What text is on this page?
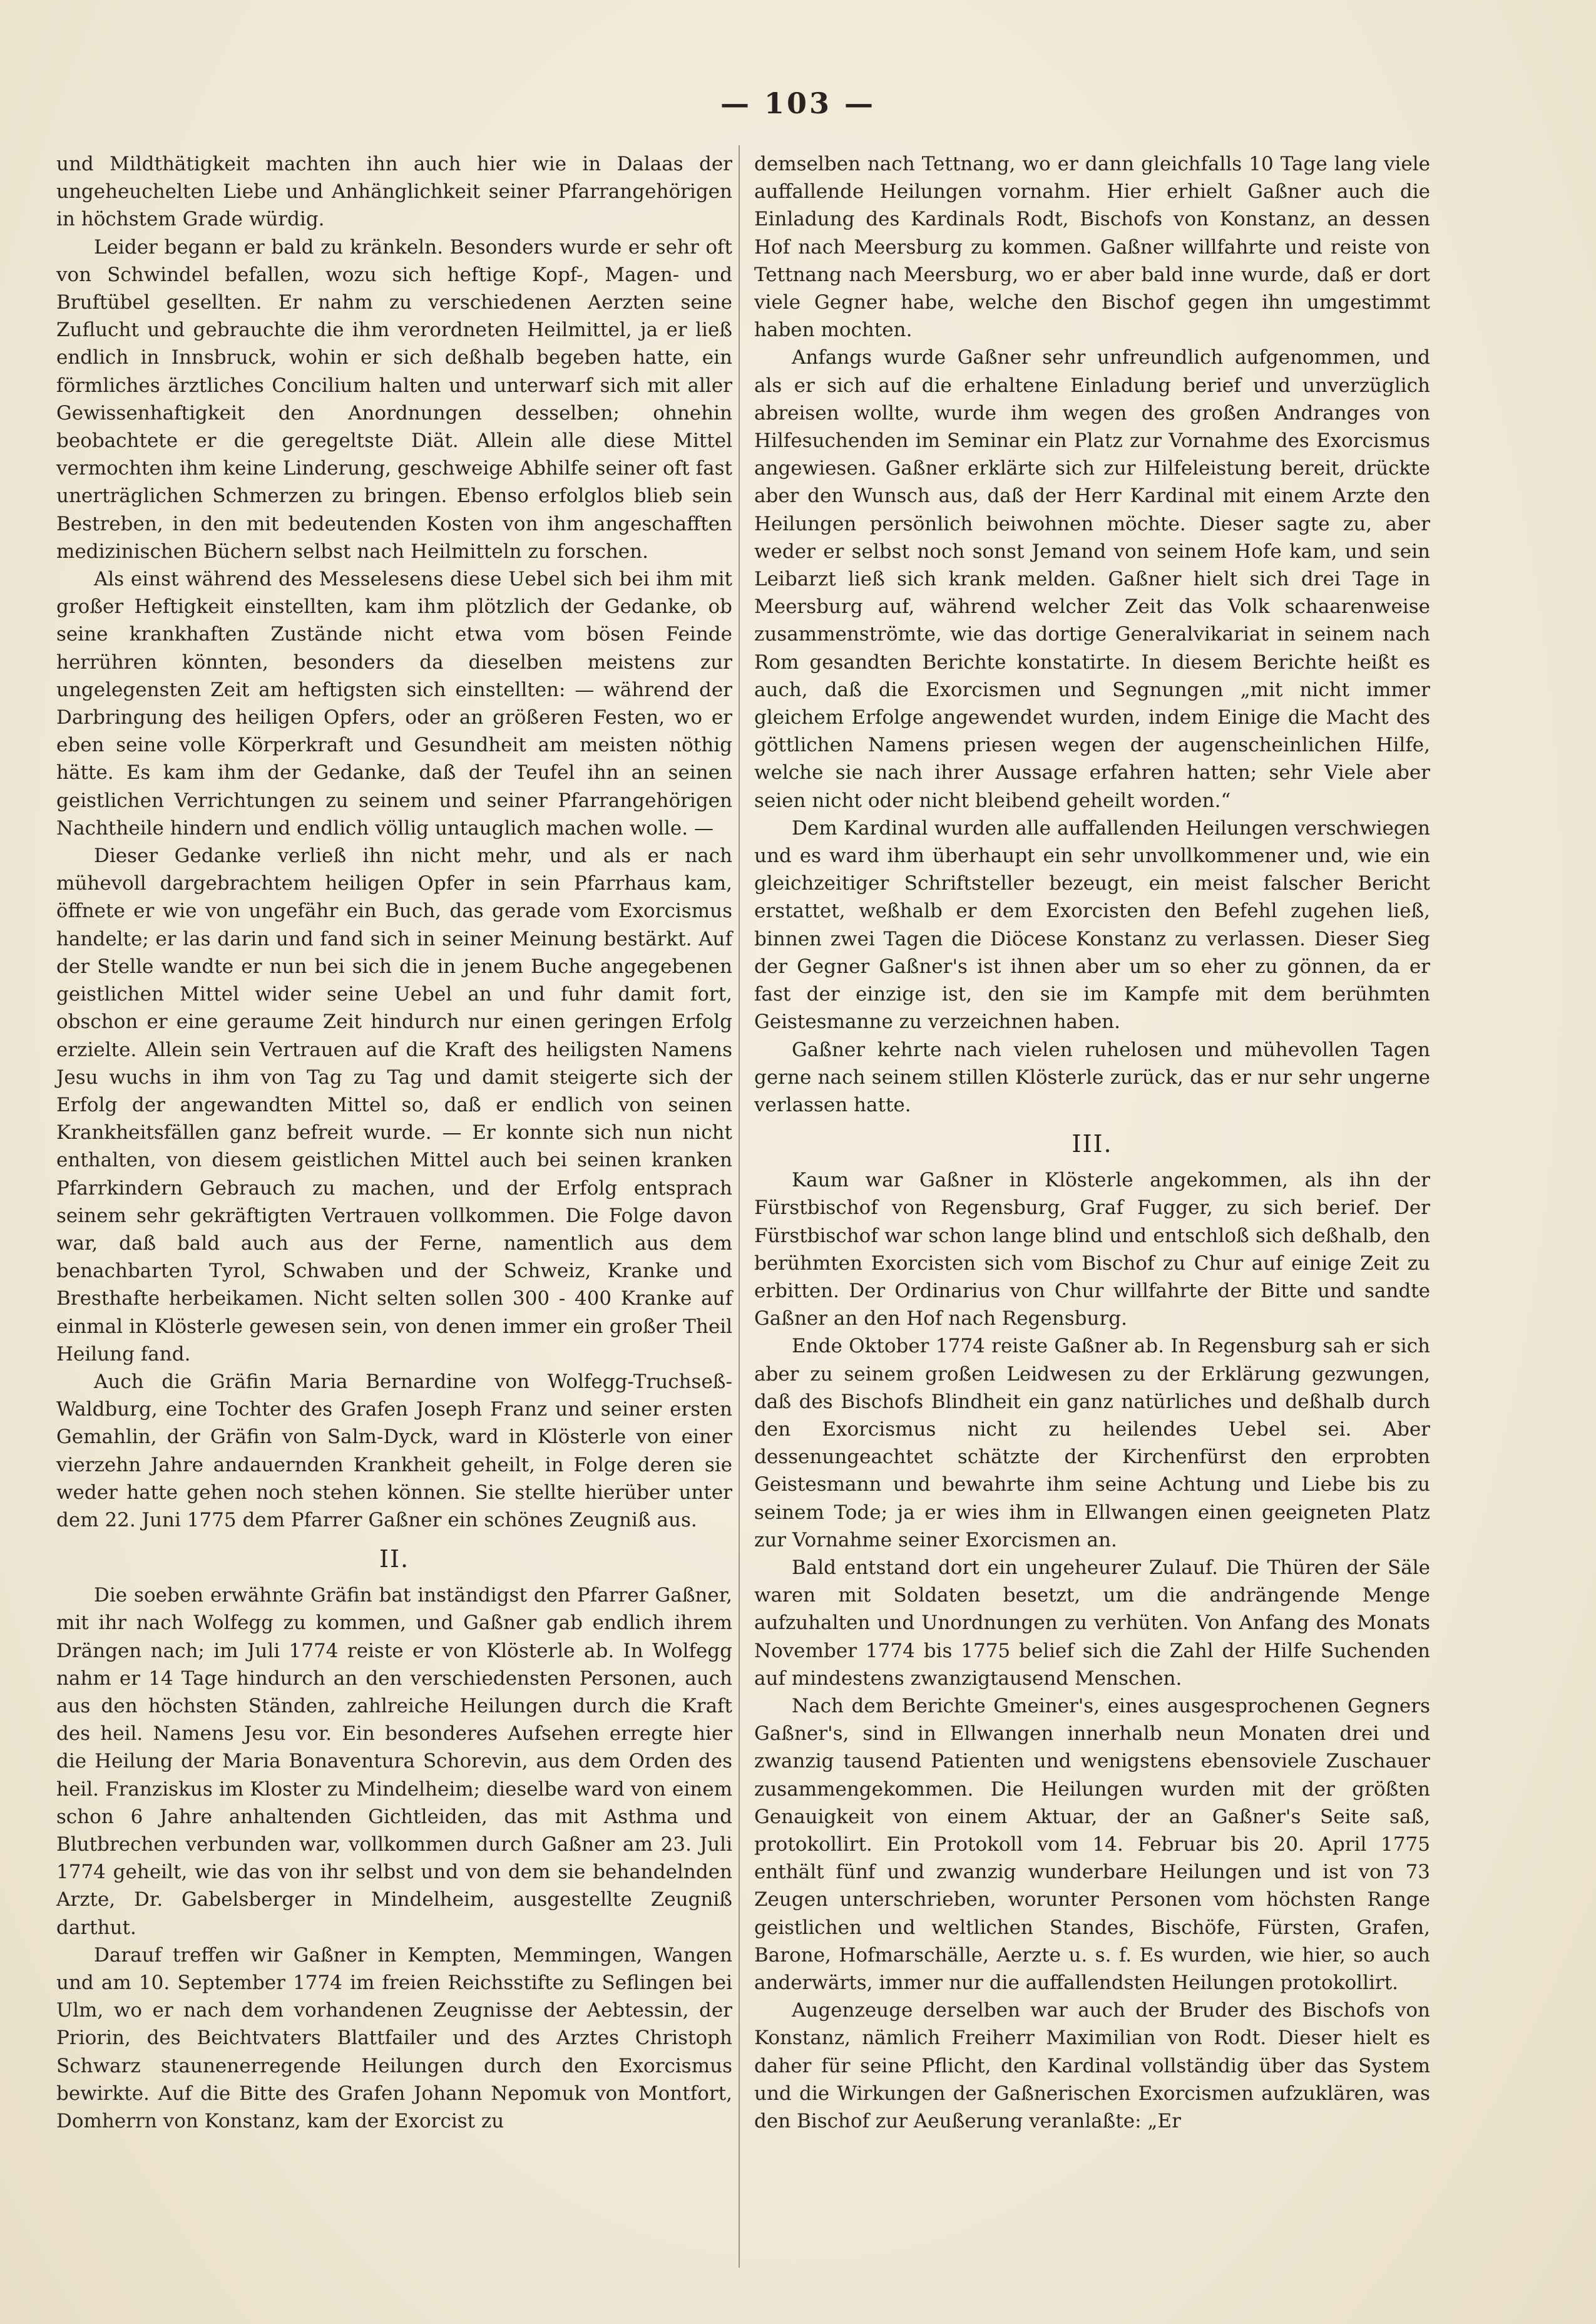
— 103 —

und Mildthätigkeit machten ihn auch hier wie in Dalaas der ungeheuchelten Liebe und Anhänglichkeit seiner Pfarrangehörigen in höchstem Grade würdig.

Leider begann er bald zu kränkeln. Besonders wurde er sehr oft von Schwindel befallen, wozu sich heftige Kopf-, Magen- und Bruftübel gesellten. Er nahm zu verschiedenen Aerzten seine Zuflucht und gebrauchte die ihm verordneten Heilmittel, ja er ließ endlich in Innsbruck, wohin er sich deßhalb begeben hatte, ein förmliches ärztliches Concilium halten und unterwarf sich mit aller Gewissenhaftigkeit den Anordnungen desselben; ohnehin beobachtete er die geregeltste Diät. Allein alle diese Mittel vermochten ihm keine Linderung, geschweige Abhilfe seiner oft fast unerträglichen Schmerzen zu bringen. Ebenso erfolglos blieb sein Bestreben, in den mit bedeutenden Kosten von ihm angeschafften medizinischen Büchern selbst nach Heilmitteln zu forschen.

Als einst während des Messelesens diese Uebel sich bei ihm mit großer Heftigkeit einstellten, kam ihm plötzlich der Gedanke, ob seine krankhaften Zustände nicht etwa vom bösen Feinde herrühren könnten, besonders da dieselben meistens zur ungelegensten Zeit am heftigsten sich einstellten: — während der Darbringung des heiligen Opfers, oder an größeren Festen, wo er eben seine volle Körperkraft und Gesundheit am meisten nöthig hätte. Es kam ihm der Gedanke, daß der Teufel ihn an seinen geistlichen Verrichtungen zu seinem und seiner Pfarrangehörigen Nachtheile hindern und endlich völlig untauglich machen wolle. —

Dieser Gedanke verließ ihn nicht mehr, und als er nach mühevoll dargebrachtem heiligen Opfer in sein Pfarrhaus kam, öffnete er wie von ungefähr ein Buch, das gerade vom Exorcismus handelte; er las darin und fand sich in seiner Meinung bestärkt. Auf der Stelle wandte er nun bei sich die in jenem Buche angegebenen geistlichen Mittel wider seine Uebel an und fuhr damit fort, obschon er eine geraume Zeit hindurch nur einen geringen Erfolg erzielte. Allein sein Vertrauen auf die Kraft des heiligsten Namens Jesu wuchs in ihm von Tag zu Tag und damit steigerte sich der Erfolg der angewandten Mittel so, daß er endlich von seinen Krankheitsfällen ganz befreit wurde. — Er konnte sich nun nicht enthalten, von diesem geistlichen Mittel auch bei seinen kranken Pfarrkindern Gebrauch zu machen, und der Erfolg entsprach seinem sehr gekräftigten Vertrauen vollkommen. Die Folge davon war, daß bald auch aus der Ferne, namentlich aus dem benachbarten Tyrol, Schwaben und der Schweiz, Kranke und Bresthafte herbeikamen. Nicht selten sollen 300 - 400 Kranke auf einmal in Klösterle gewesen sein, von denen immer ein großer Theil Heilung fand.

Auch die Gräfin Maria Bernardine von Wolfegg-Truchseß-Waldburg, eine Tochter des Grafen Joseph Franz und seiner ersten Gemahlin, der Gräfin von Salm-Dyck, ward in Klösterle von einer vierzehn Jahre andauernden Krankheit geheilt, in Folge deren sie weder hatte gehen noch stehen können. Sie stellte hierüber unter dem 22. Juni 1775 dem Pfarrer Gaßner ein schönes Zeugniß aus.

II.

Die soeben erwähnte Gräfin bat inständigst den Pfarrer Gaßner, mit ihr nach Wolfegg zu kommen, und Gaßner gab endlich ihrem Drängen nach; im Juli 1774 reiste er von Klösterle ab. In Wolfegg nahm er 14 Tage hindurch an den verschiedensten Personen, auch aus den höchsten Ständen, zahlreiche Heilungen durch die Kraft des heil. Namens Jesu vor. Ein besonderes Aufsehen erregte hier die Heilung der Maria Bonaventura Schorevin, aus dem Orden des heil. Franziskus im Kloster zu Mindelheim; dieselbe ward von einem schon 6 Jahre anhaltenden Gichtleiden, das mit Asthma und Blutbrechen verbunden war, vollkommen durch Gaßner am 23. Juli 1774 geheilt, wie das von ihr selbst und von dem sie behandelnden Arzte, Dr. Gabelsberger in Mindelheim, ausgestellte Zeugniß darthut.

Darauf treffen wir Gaßner in Kempten, Memmingen, Wangen und am 10. September 1774 im freien Reichsstifte zu Seflingen bei Ulm, wo er nach dem vorhandenen Zeugnisse der Aebtessin, der Priorin, des Beichtvaters Blattfailer und des Arztes Christoph Schwarz staunenerregende Heilungen durch den Exorcismus bewirkte. Auf die Bitte des Grafen Johann Nepomuk von Montfort, Domherrn von Konstanz, kam der Exorcist zu

demselben nach Tettnang, wo er dann gleichfalls 10 Tage lang viele auffallende Heilungen vornahm. Hier erhielt Gaßner auch die Einladung des Kardinals Rodt, Bischofs von Konstanz, an dessen Hof nach Meersburg zu kommen. Gaßner willfahrte und reiste von Tettnang nach Meersburg, wo er aber bald inne wurde, daß er dort viele Gegner habe, welche den Bischof gegen ihn umgestimmt haben mochten.

Anfangs wurde Gaßner sehr unfreundlich aufgenommen, und als er sich auf die erhaltene Einladung berief und unverzüglich abreisen wollte, wurde ihm wegen des großen Andranges von Hilfesuchenden im Seminar ein Platz zur Vornahme des Exorcismus angewiesen. Gaßner erklärte sich zur Hilfeleistung bereit, drückte aber den Wunsch aus, daß der Herr Kardinal mit einem Arzte den Heilungen persönlich beiwohnen möchte. Dieser sagte zu, aber weder er selbst noch sonst Jemand von seinem Hofe kam, und sein Leibarzt ließ sich krank melden. Gaßner hielt sich drei Tage in Meersburg auf, während welcher Zeit das Volk schaarenweise zusammenströmte, wie das dortige Generalvikariat in seinem nach Rom gesandten Berichte konstatirte. In diesem Berichte heißt es auch, daß die Exorcismen und Segnungen „mit nicht immer gleichem Erfolge angewendet wurden, indem Einige die Macht des göttlichen Namens priesen wegen der augenscheinlichen Hilfe, welche sie nach ihrer Aussage erfahren hatten; sehr Viele aber seien nicht oder nicht bleibend geheilt worden.“

Dem Kardinal wurden alle auffallenden Heilungen verschwiegen und es ward ihm überhaupt ein sehr unvollkommener und, wie ein gleichzeitiger Schriftsteller bezeugt, ein meist falscher Bericht erstattet, weßhalb er dem Exorcisten den Befehl zugehen ließ, binnen zwei Tagen die Diöcese Konstanz zu verlassen. Dieser Sieg der Gegner Gaßner's ist ihnen aber um so eher zu gönnen, da er fast der einzige ist, den sie im Kampfe mit dem berühmten Geistesmanne zu verzeichnen haben.

Gaßner kehrte nach vielen ruhelosen und mühevollen Tagen gerne nach seinem stillen Klösterle zurück, das er nur sehr ungerne verlassen hatte.

III.

Kaum war Gaßner in Klösterle angekommen, als ihn der Fürstbischof von Regensburg, Graf Fugger, zu sich berief. Der Fürstbischof war schon lange blind und entschloß sich deßhalb, den berühmten Exorcisten sich vom Bischof zu Chur auf einige Zeit zu erbitten. Der Ordinarius von Chur willfahrte der Bitte und sandte Gaßner an den Hof nach Regensburg.

Ende Oktober 1774 reiste Gaßner ab. In Regensburg sah er sich aber zu seinem großen Leidwesen zu der Erklärung gezwungen, daß des Bischofs Blindheit ein ganz natürliches und deßhalb durch den Exorcismus nicht zu heilendes Uebel sei. Aber dessenungeachtet schätzte der Kirchenfürst den erprobten Geistesmann und bewahrte ihm seine Achtung und Liebe bis zu seinem Tode; ja er wies ihm in Ellwangen einen geeigneten Platz zur Vornahme seiner Exorcismen an.

Bald entstand dort ein ungeheurer Zulauf. Die Thüren der Säle waren mit Soldaten besetzt, um die andrängende Menge aufzuhalten und Unordnungen zu verhüten. Von Anfang des Monats November 1774 bis 1775 belief sich die Zahl der Hilfe Suchenden auf mindestens zwanzigtausend Menschen.

Nach dem Berichte Gmeiner's, eines ausgesprochenen Gegners Gaßner's, sind in Ellwangen innerhalb neun Monaten drei und zwanzig tausend Patienten und wenigstens ebensoviele Zuschauer zusammengekommen. Die Heilungen wurden mit der größten Genauigkeit von einem Aktuar, der an Gaßner's Seite saß, protokollirt. Ein Protokoll vom 14. Februar bis 20. April 1775 enthält fünf und zwanzig wunderbare Heilungen und ist von 73 Zeugen unterschrieben, worunter Personen vom höchsten Range geistlichen und weltlichen Standes, Bischöfe, Fürsten, Grafen, Barone, Hofmarschälle, Aerzte u. s. f. Es wurden, wie hier, so auch anderwärts, immer nur die auffallendsten Heilungen protokollirt.

Augenzeuge derselben war auch der Bruder des Bischofs von Konstanz, nämlich Freiherr Maximilian von Rodt. Dieser hielt es daher für seine Pflicht, den Kardinal vollständig über das System und die Wirkungen der Gaßnerischen Exorcismen aufzuklären, was den Bischof zur Aeußerung veranlaßte: „Er
